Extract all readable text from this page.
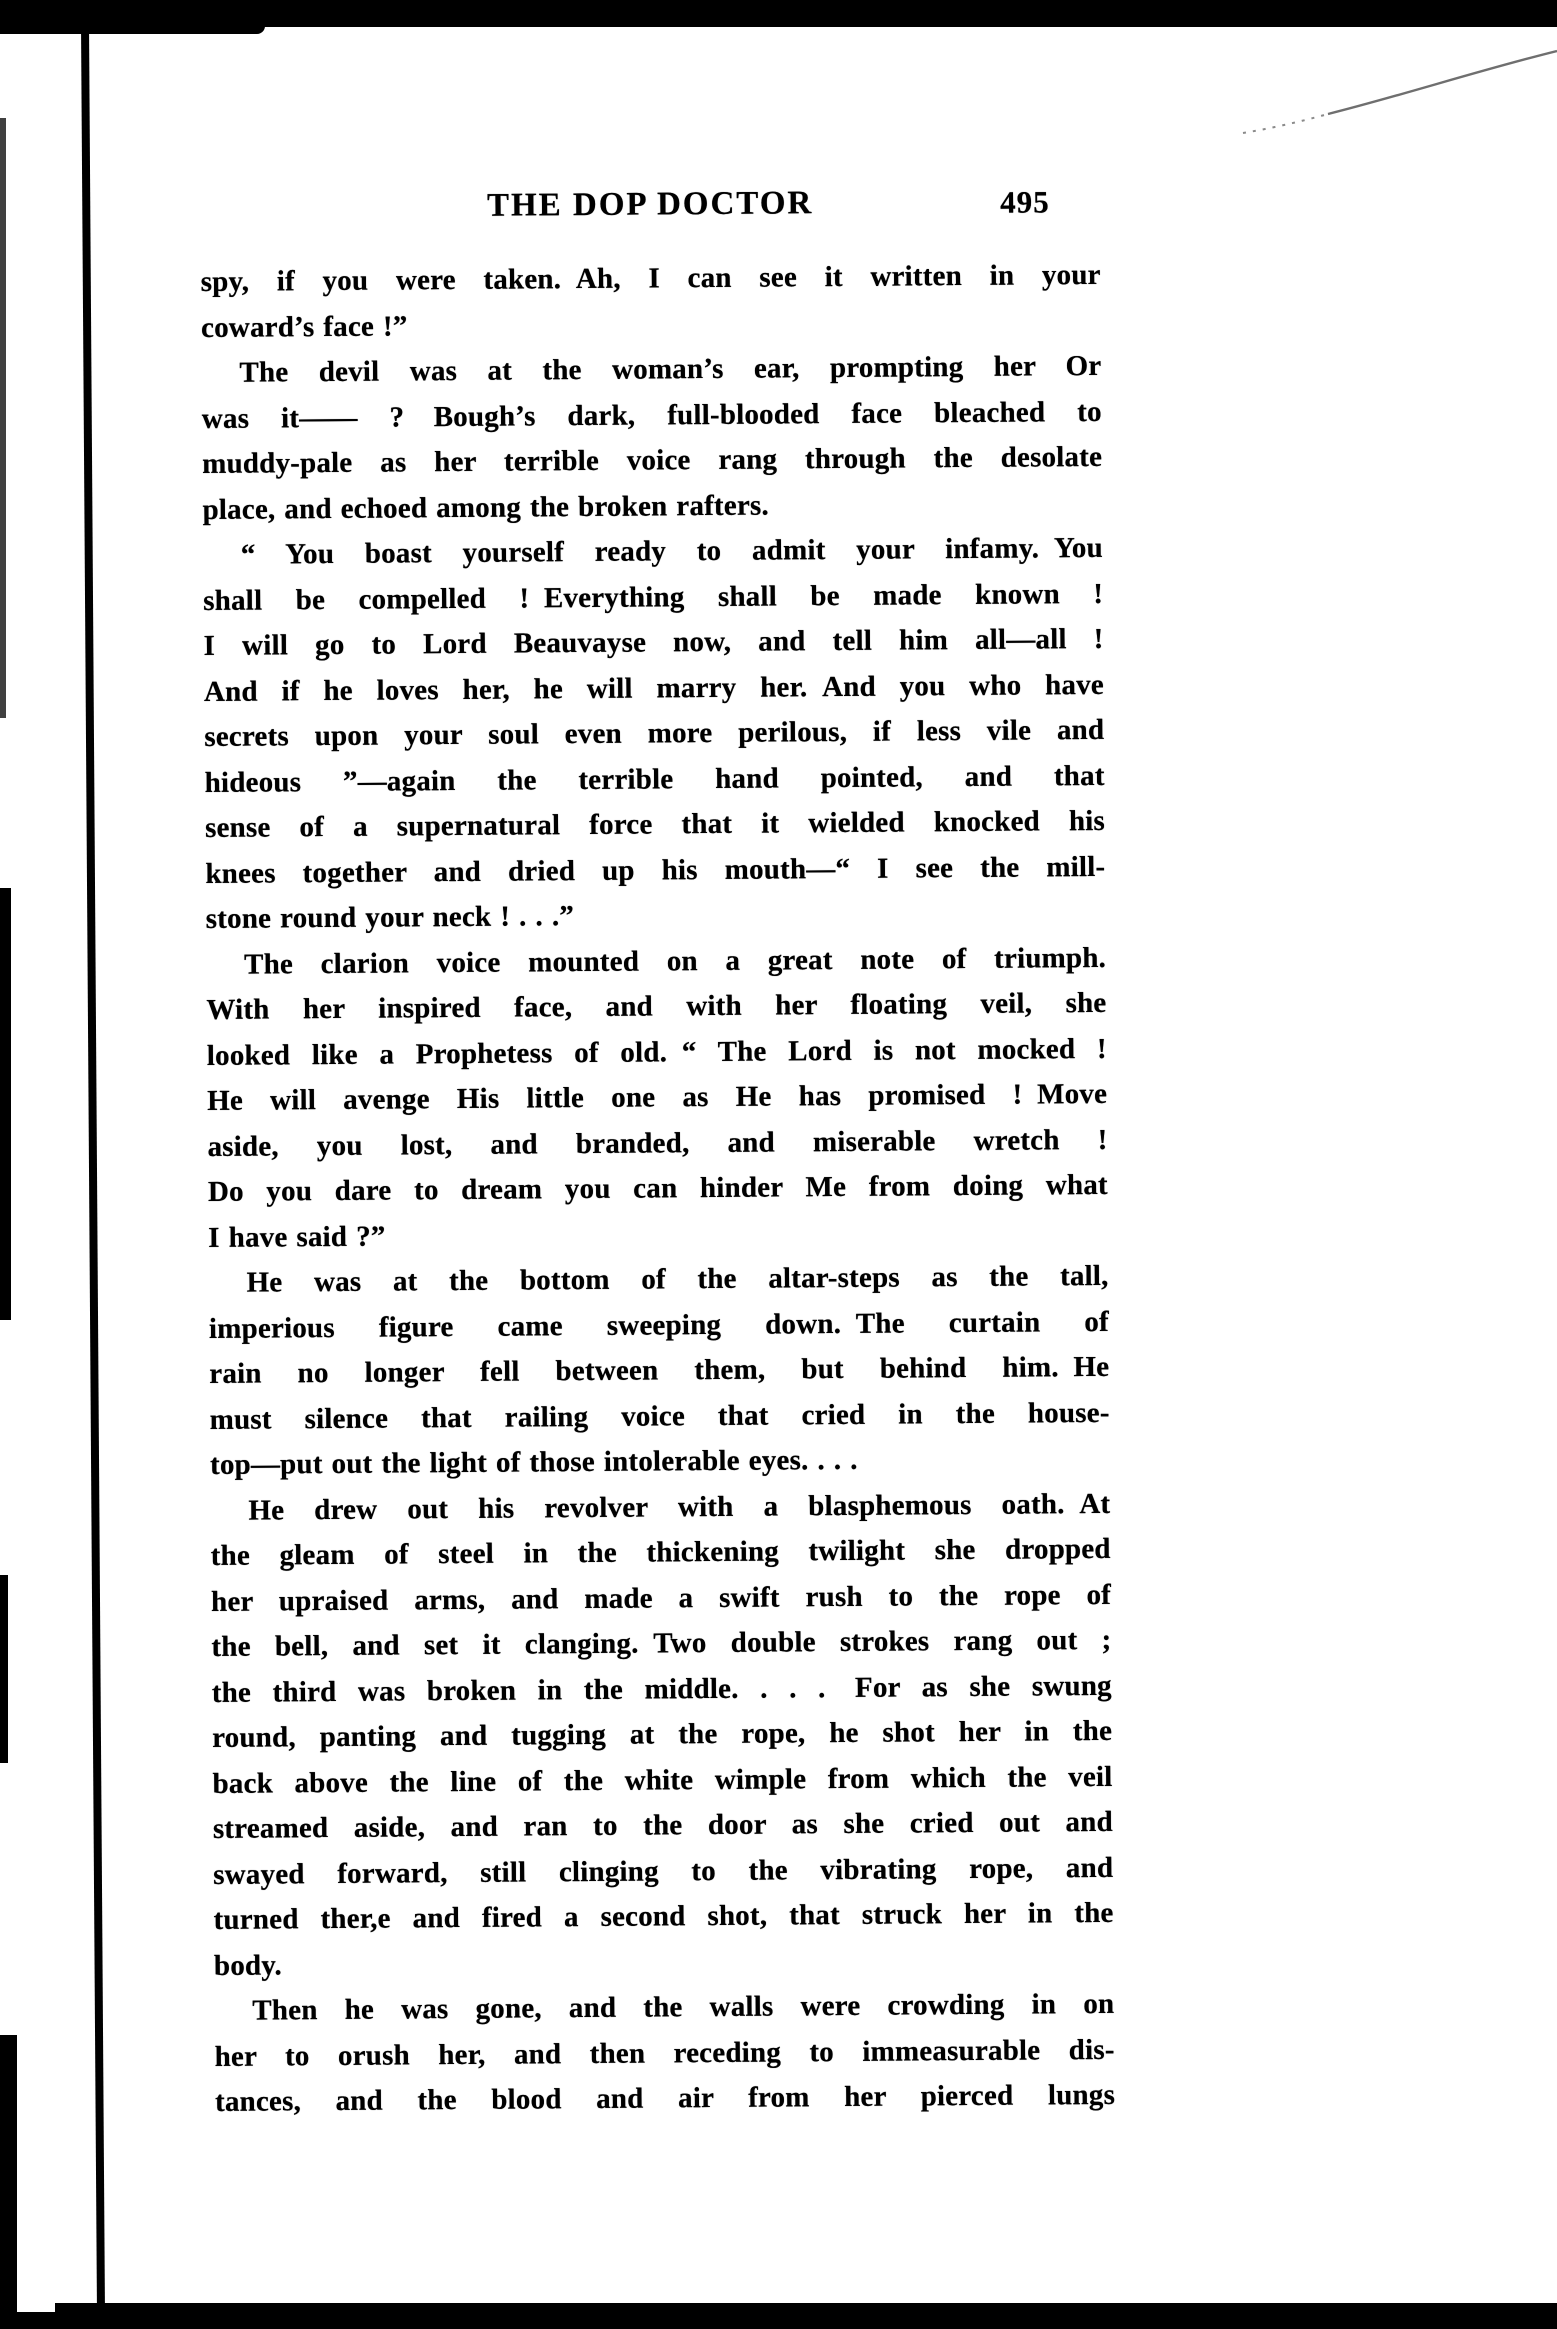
THE DOP DOCTOR	495
spy, if you were taken. Ah, I can see it written in your
coward’s face !”
The devil was at the woman’s ear, prompting her  Or
was it—— ?  Bough’s dark, full-blooded face bleached to
muddy-pale as her terrible voice rang through the desolate
place, and echoed among the broken rafters.
“ You boast yourself ready to admit your infamy. You
shall be compelled ! Everything shall be made known !
I will go to Lord Beauvayse now, and tell him all—all !
And if he loves her, he will marry her. And you who have
secrets upon your soul even more perilous, if less vile and
hideous ”—again the terrible hand pointed, and that
sense of a supernatural force that it wielded knocked his
knees together and dried up his mouth—“ I see the mill-
stone round your neck ! . . .”
The clarion voice mounted on a great note of triumph.
With her inspired face, and with her floating veil, she
looked like a Prophetess of old. “ The Lord is not mocked !
He will avenge His little one as He has promised ! Move
aside, you lost, and branded, and miserable wretch !
Do you dare to dream you can hinder Me from doing what
I have said ?”
He was at the bottom of the altar-steps as the tall,
imperious figure came sweeping down. The curtain of
rain no longer fell between them, but behind him. He
must silence that railing voice that cried in the house-
top—put out the light of those intolerable eyes. . . .
He drew out his revolver with a blasphemous oath. At
the gleam of steel in the thickening twilight she dropped
her upraised arms, and made a swift rush to the rope of
the bell, and set it clanging. Two double strokes rang out ;
the third was broken in the middle. . . .  For as she swung
round, panting and tugging at the rope, he shot her in the
back above the line of the white wimple from which the veil
streamed aside, and ran to the door as she cried out and
swayed forward, still clinging to the vibrating rope, and
turned ther,e and fired a second shot, that struck her in the
body.
Then he was gone, and the walls were crowding in on
her to orush her, and then receding to immeasurable dis-
tances, and the blood and air from her pierced lungs
